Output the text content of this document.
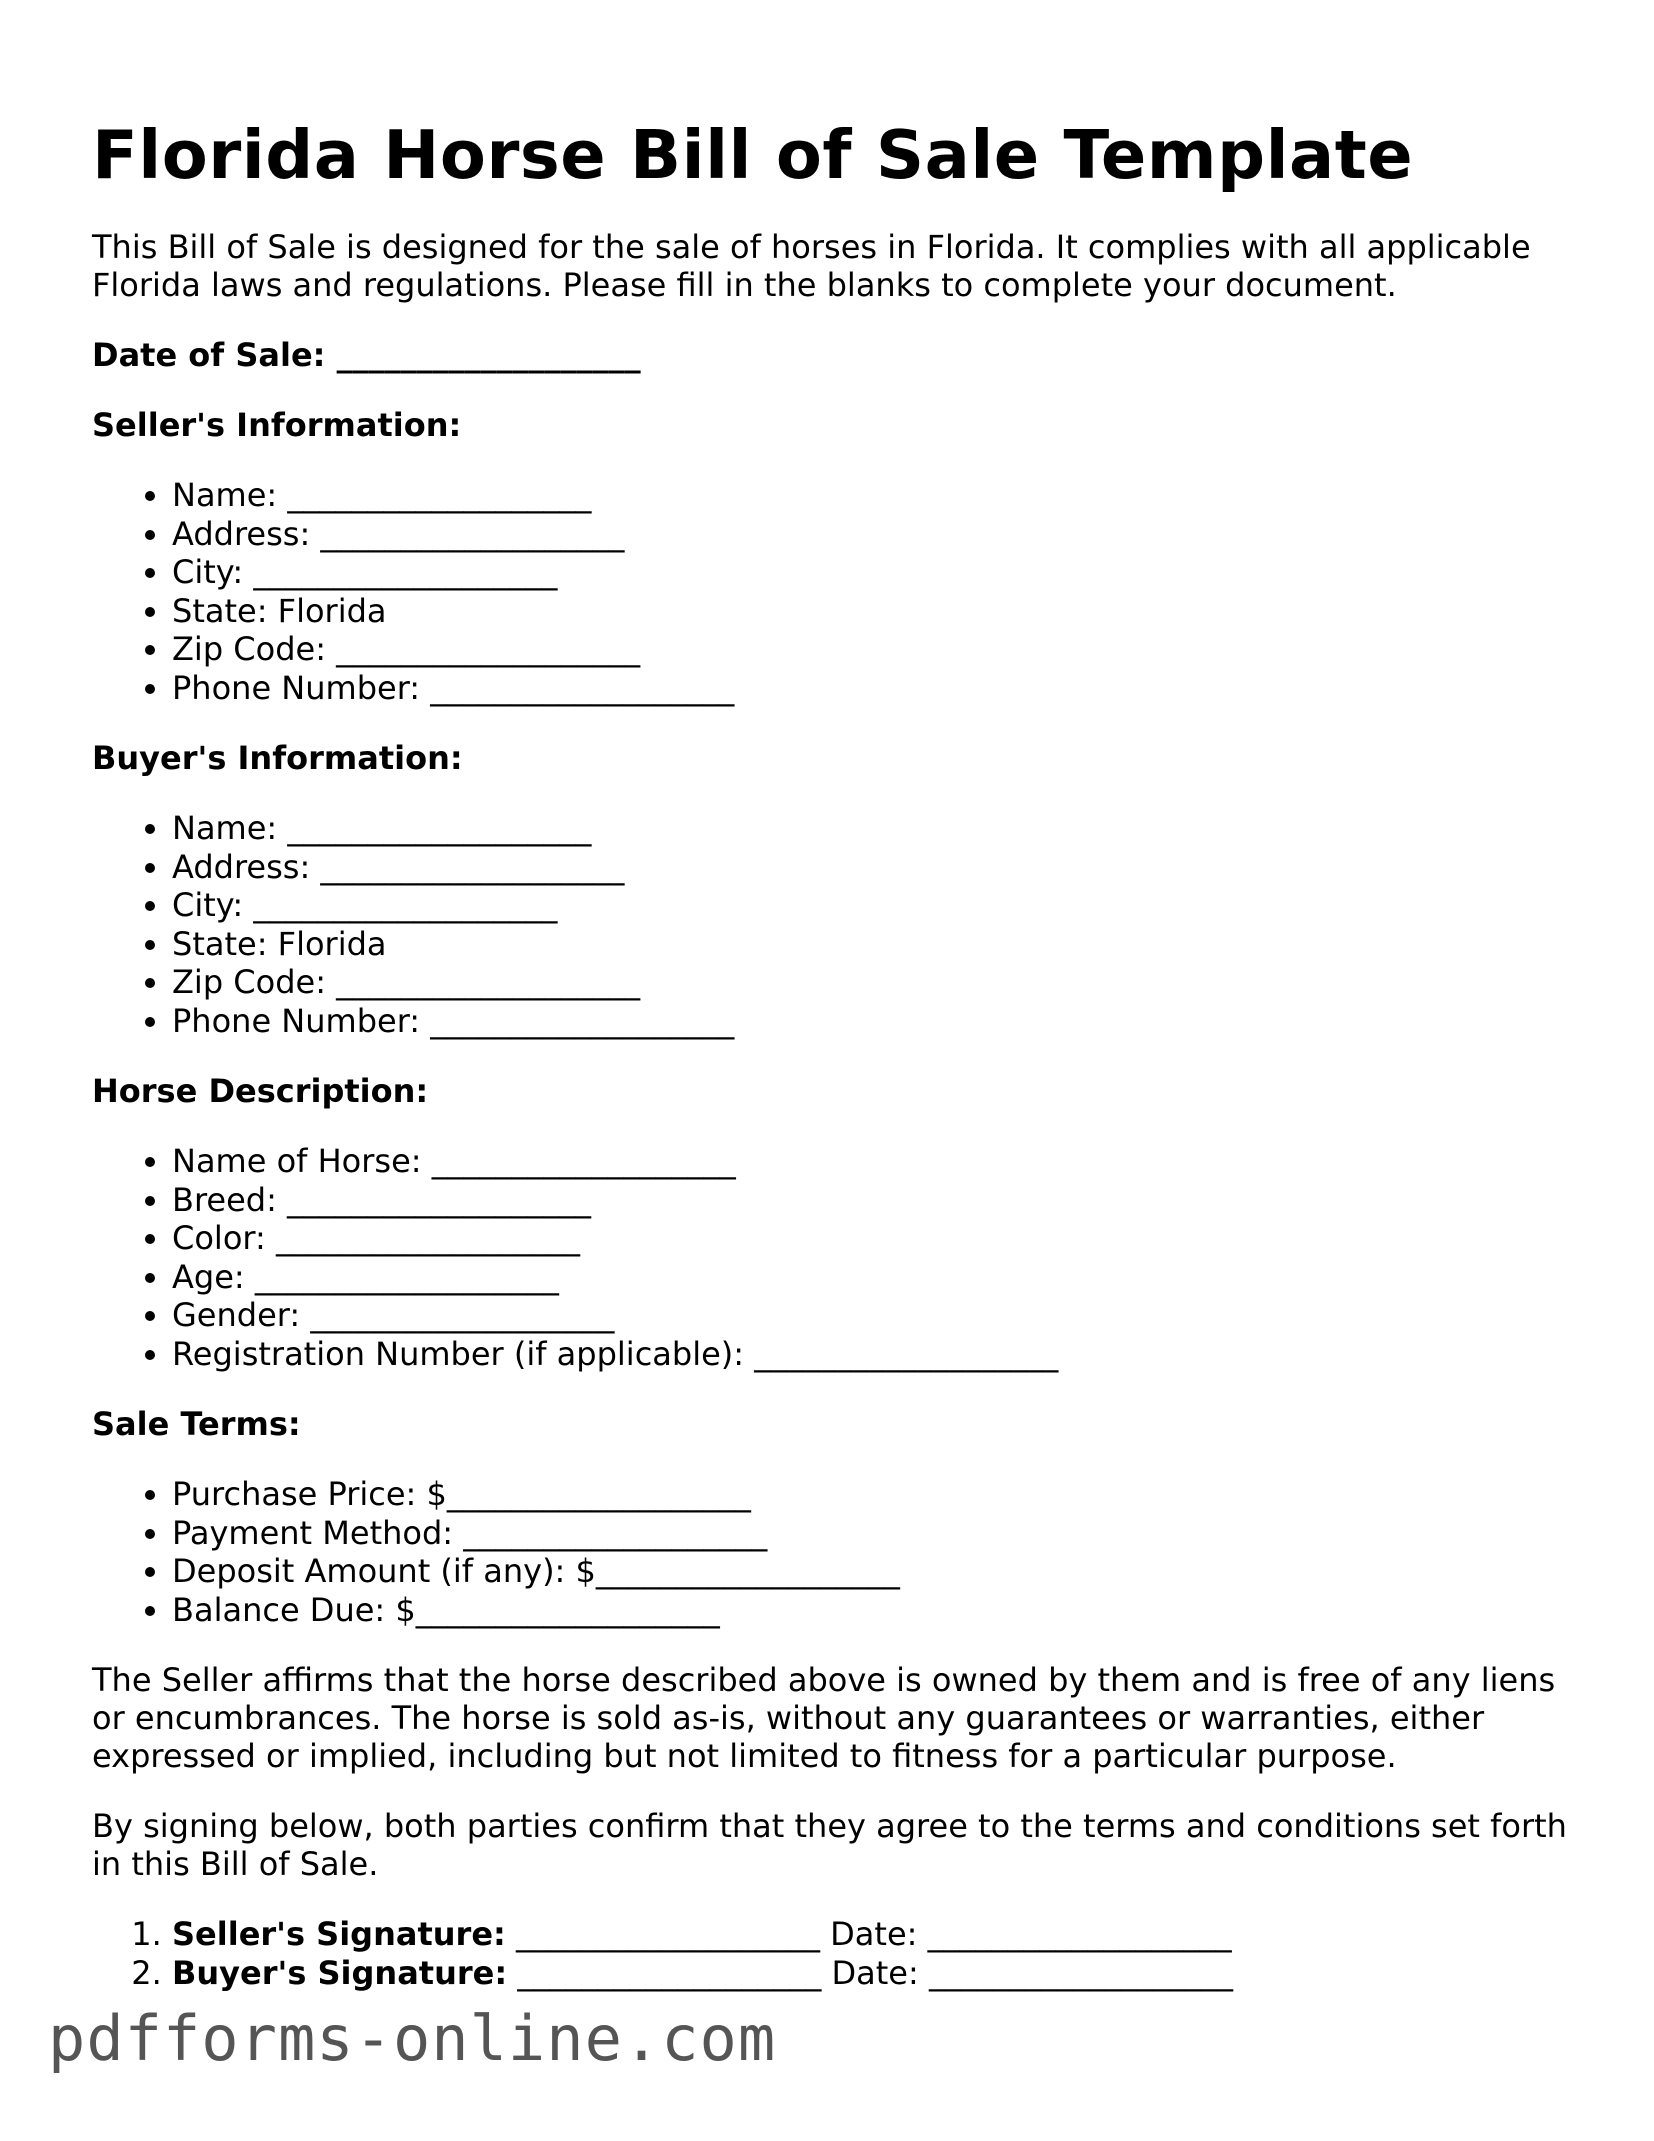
Florida Horse Bill of Sale Template

This Bill of Sale is designed for the sale of horses in Florida. It complies with all applicable Florida laws and regulations. Please fill in the blanks to complete your document.

Date of Sale: ___________________

Seller's Information:

• Name: ___________________
• Address: ___________________
• City: ___________________
• State: Florida
• Zip Code: ___________________
• Phone Number: ___________________

Buyer's Information:

• Name: ___________________
• Address: ___________________
• City: ___________________
• State: Florida
• Zip Code: ___________________
• Phone Number: ___________________

Horse Description:

• Name of Horse: ___________________
• Breed: ___________________
• Color: ___________________
• Age: ___________________
• Gender: ___________________
• Registration Number (if applicable): ___________________

Sale Terms:

• Purchase Price: $___________________
• Payment Method: ___________________
• Deposit Amount (if any): $___________________
• Balance Due: $___________________

The Seller affirms that the horse described above is owned by them and is free of any liens or encumbrances. The horse is sold as-is, without any guarantees or warranties, either expressed or implied, including but not limited to fitness for a particular purpose.

By signing below, both parties confirm that they agree to the terms and conditions set forth in this Bill of Sale.

1. Seller's Signature: ___________________ Date: ___________________
2. Buyer's Signature: ___________________ Date: ___________________
pdfforms-online.com
